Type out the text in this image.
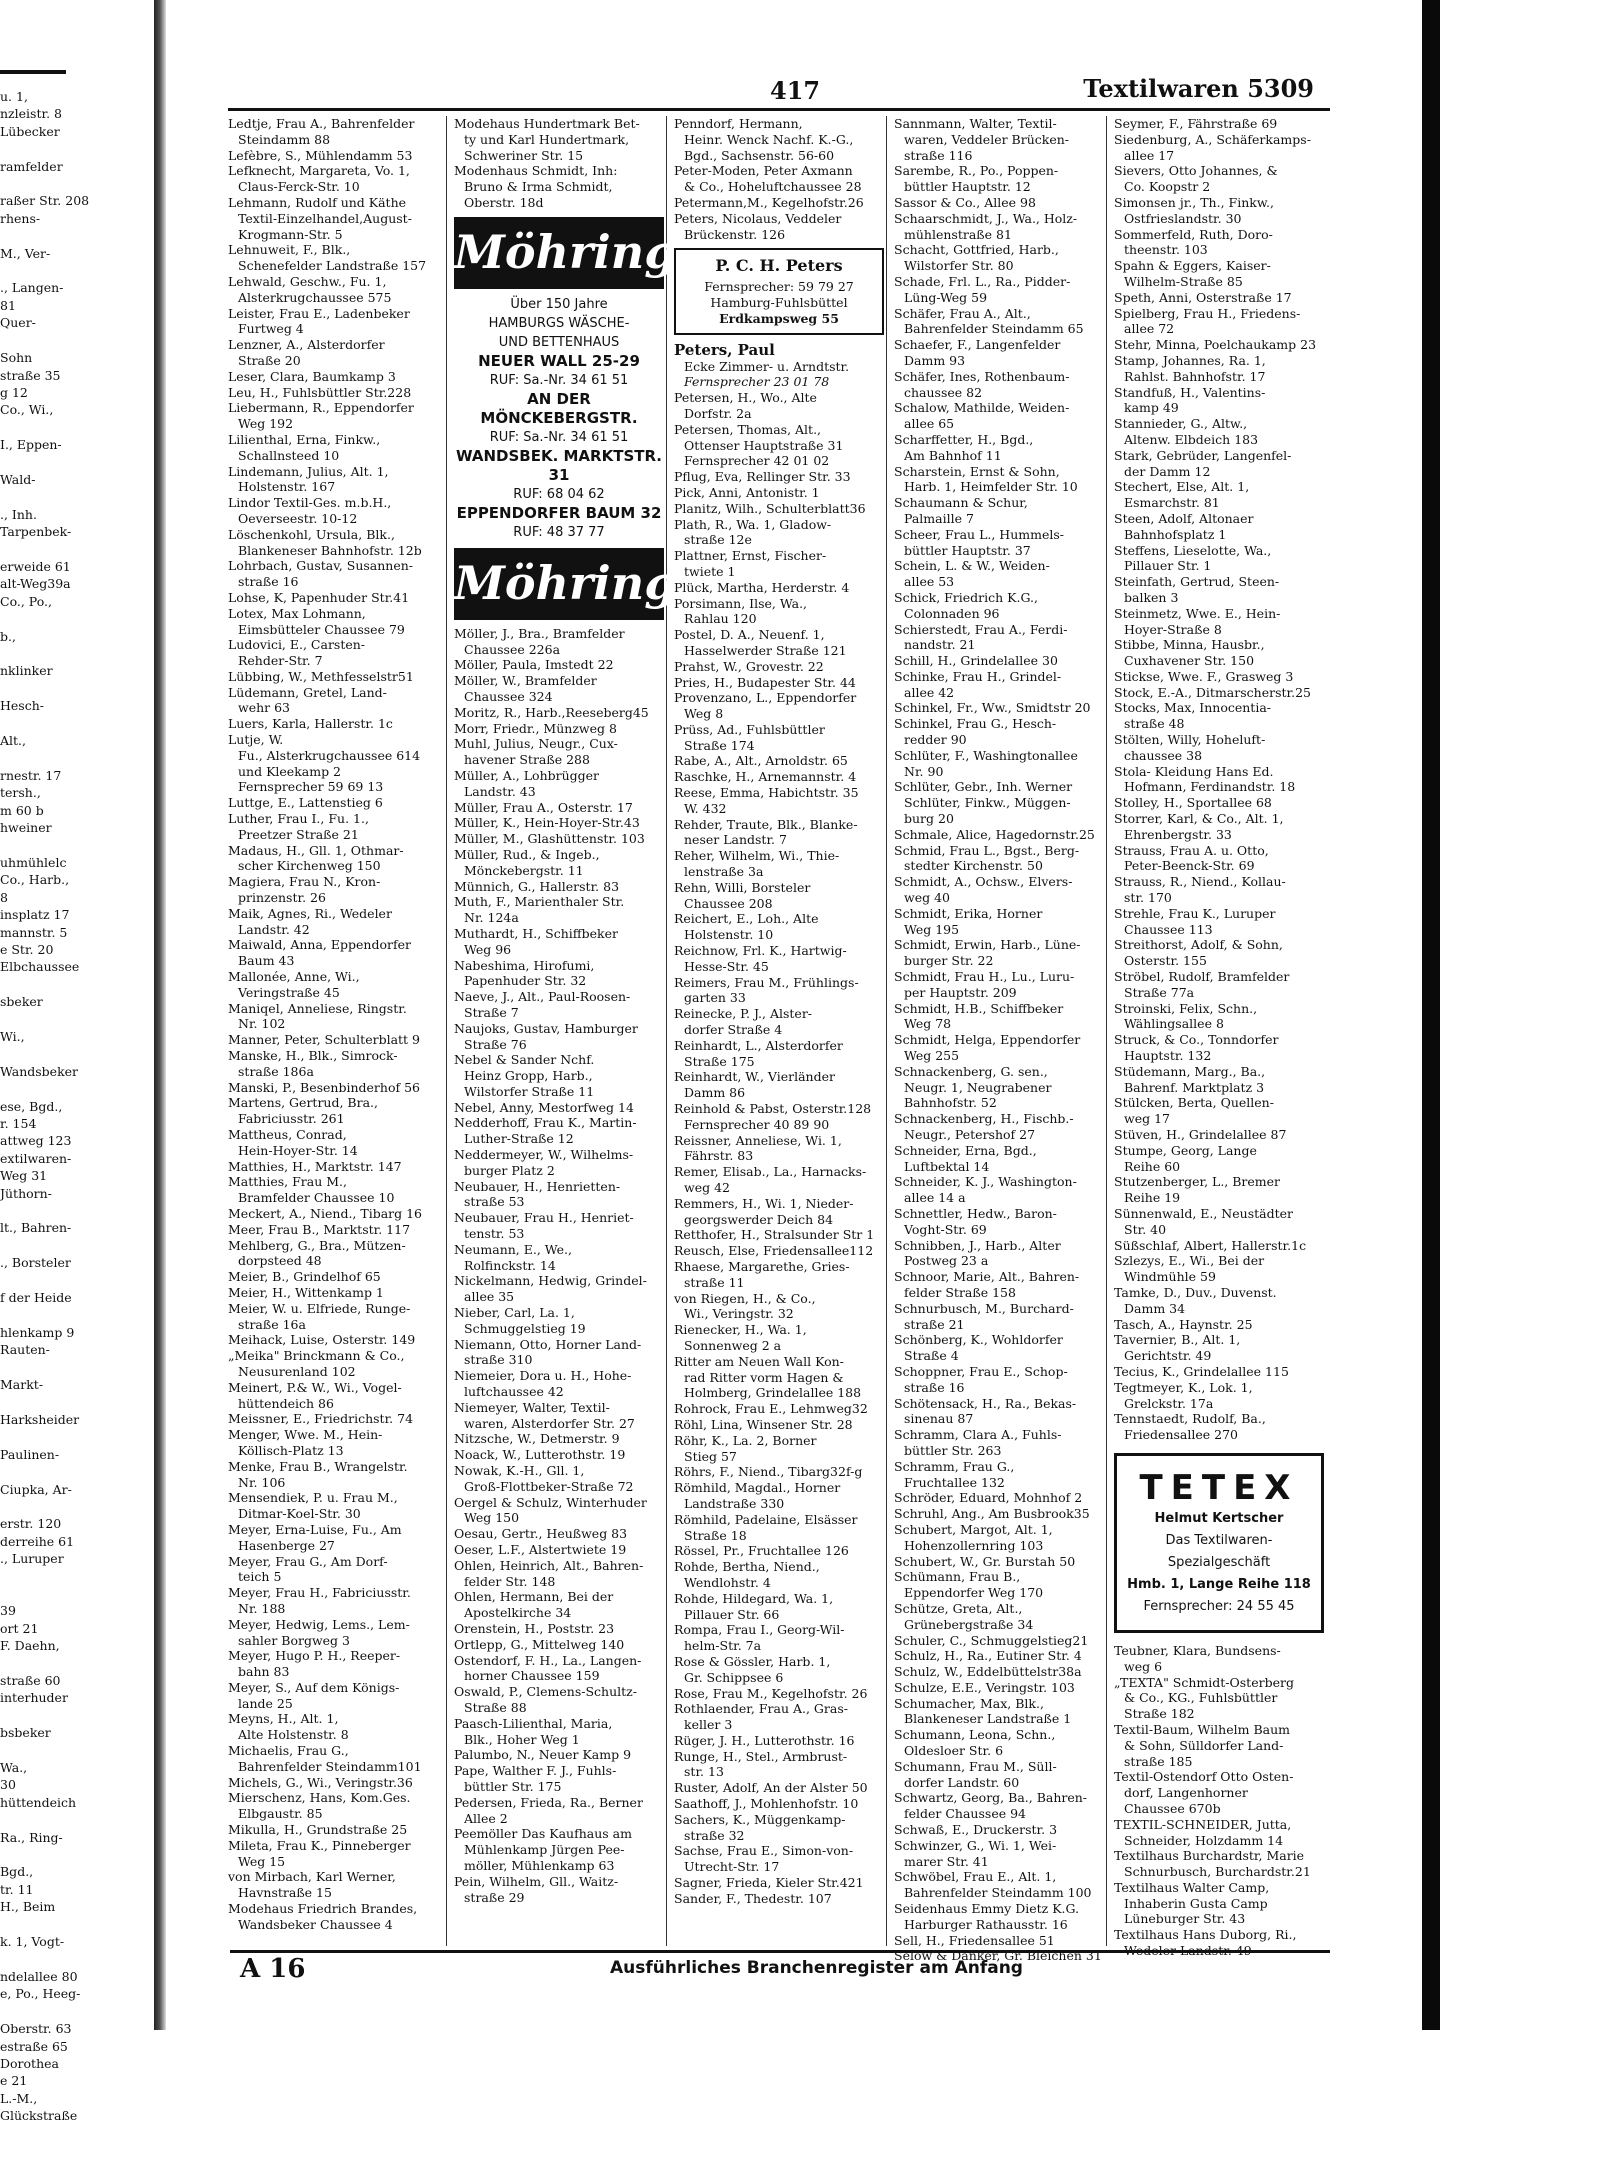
u. 1,
nzleistr. 8
Lübecker

ramfelder

raßer Str. 208
rhens-

M., Ver-

., Langen-
81
Quer-

Sohn
straße 35
g 12
Co., Wi.,

I., Eppen-

Wald-

., Inh.
Tarpenbek-

erweide 61
alt-Weg39a
Co., Po.,

b.,

nklinker

Hesch-

Alt.,

rnestr. 17
tersh.,
m 60 b
hweiner

uhmühlelc
Co., Harb.,
8
insplatz 17
mannstr. 5
e Str. 20
Elbchaussee

sbeker

Wi.,

Wandsbeker

ese, Bgd.,
r. 154
attweg 123
extilwaren-
Weg 31
Jüthorn-

lt., Bahren-

., Borsteler

f der Heide

hlenkamp 9
Rauten-

Markt-

Harksheider

Paulinen-

Ciupka, Ar-

erstr. 120
derreihe 61
., Luruper

39
ort 21
F. Daehn,

straße 60
interhuder

bsbeker

Wa.,
30
hüttendeich

Ra., Ring-

Bgd.,
tr. 11
H., Beim

k. 1, Vogt-

ndelallee 80
e, Po., Heeg-

Oberstr. 63
estraße 65
Dorothea
e 21
L.-M.,
Glückstraße
417	Textilwaren 5309
Ledtje, Frau A., Bahrenfelder
Steindamm 88
Lefèbre, S., Mühlendamm 53
Lefknecht, Margareta, Vo. 1,
Claus-Ferck-Str. 10
Lehmann, Rudolf und Käthe
Textil-Einzelhandel,August-
Krogmann-Str. 5
Lehnuweit, F., Blk.,
Schenefelder Landstraße 157
Lehwald, Geschw., Fu. 1,
Alsterkrugchaussee 575
Leister, Frau E., Ladenbeker
Furtweg 4
Lenzner, A., Alsterdorfer
Straße 20
Leser, Clara, Baumkamp 3
Leu, H., Fuhlsbüttler Str.228
Liebermann, R., Eppendorfer
Weg 192
Lilienthal, Erna, Finkw.,
Schallnsteed 10
Lindemann, Julius, Alt. 1,
Holstenstr. 167
Lindor Textil-Ges. m.b.H.,
Oeverseestr. 10-12
Löschenkohl, Ursula, Blk.,
Blankeneser Bahnhofstr. 12b
Lohrbach, Gustav, Susannen-
straße 16
Lohse, K, Papenhuder Str.41
Lotex, Max Lohmann,
Eimsbütteler Chaussee 79
Ludovici, E., Carsten-
Rehder-Str. 7
Lübbing, W., Methfesselstr51
Lüdemann, Gretel, Land-
wehr 63
Luers, Karla, Hallerstr. 1c
Lutje, W.
Fu., Alsterkrugchaussee 614
und Kleekamp 2
Fernsprecher 59 69 13
Luttge, E., Lattenstieg 6
Luther, Frau I., Fu. 1.,
Preetzer Straße 21
Madaus, H., Gll. 1, Othmar-
scher Kirchenweg 150
Magiera, Frau N., Kron-
prinzenstr. 26
Maik, Agnes, Ri., Wedeler
Landstr. 42
Maiwald, Anna, Eppendorfer
Baum 43
Mallonée, Anne, Wi.,
Veringstraße 45
Maniqel, Anneliese, Ringstr.
Nr. 102
Manner, Peter, Schulterblatt 9
Manske, H., Blk., Simrock-
straße 186a
Manski, P., Besenbinderhof 56
Martens, Gertrud, Bra.,
Fabriciusstr. 261
Mattheus, Conrad,
Hein-Hoyer-Str. 14
Matthies, H., Marktstr. 147
Matthies, Frau M.,
Bramfelder Chaussee 10
Meckert, A., Niend., Tibarg 16
Meer, Frau B., Marktstr. 117
Mehlberg, G., Bra., Mützen-
dorpsteed 48
Meier, B., Grindelhof 65
Meier, H., Wittenkamp 1
Meier, W. u. Elfriede, Runge-
straße 16a
Meihack, Luise, Osterstr. 149
„Meika" Brinckmann & Co.,
Neusurenland 102
Meinert, P.& W., Wi., Vogel-
hüttendeich 86
Meissner, E., Friedrichstr. 74
Menger, Wwe. M., Hein-
Köllisch-Platz 13
Menke, Frau B., Wrangelstr.
Nr. 106
Mensendiek, P. u. Frau M.,
Ditmar-Koel-Str. 30
Meyer, Erna-Luise, Fu., Am
Hasenberge 27
Meyer, Frau G., Am Dorf-
teich 5
Meyer, Frau H., Fabriciusstr.
Nr. 188
Meyer, Hedwig, Lems., Lem-
sahler Borgweg 3
Meyer, Hugo P. H., Reeper-
bahn 83
Meyer, S., Auf dem Königs-
lande 25
Meyns, H., Alt. 1,
Alte Holstenstr. 8
Michaelis, Frau G.,
Bahrenfelder Steindamm101
Michels, G., Wi., Veringstr.36
Mierschenz, Hans, Kom.Ges.
Elbgaustr. 85
Mikulla, H., Grundstraße 25
Mileta, Frau K., Pinneberger
Weg 15
von Mirbach, Karl Werner,
Havnstraße 15
Modehaus Friedrich Brandes,
Wandsbeker Chaussee 4
Modehaus Hundertmark Bet-
ty und Karl Hundertmark,
Schweriner Str. 15
Modenhaus Schmidt, Inh:
Bruno & Irma Schmidt,
Oberstr. 18d
Möhring
Über 150 Jahre
HAMBURGS WÄSCHE-
UND BETTENHAUS
NEUER WALL 25-29
RUF: Sa.-Nr. 34 61 51
AN DER MÖNCKEBERGSTR.
RUF: Sa.-Nr. 34 61 51
WANDSBEK. MARKTSTR. 31
RUF: 68 04 62
EPPENDORFER BAUM 32
RUF: 48 37 77
Möhring
Möller, J., Bra., Bramfelder
Chaussee 226a
Möller, Paula, Imstedt 22
Möller, W., Bramfelder
Chaussee 324
Moritz, R., Harb.,Reeseberg45
Morr, Friedr., Münzweg 8
Muhl, Julius, Neugr., Cux-
havener Straße 288
Müller, A., Lohbrügger
Landstr. 43
Müller, Frau A., Osterstr. 17
Müller, K., Hein-Hoyer-Str.43
Müller, M., Glashüttenstr. 103
Müller, Rud., & Ingeb.,
Mönckebergstr. 11
Münnich, G., Hallerstr. 83
Muth, F., Marienthaler Str.
Nr. 124a
Muthardt, H., Schiffbeker
Weg 96
Nabeshima, Hirofumi,
Papenhuder Str. 32
Naeve, J., Alt., Paul-Roosen-
Straße 7
Naujoks, Gustav, Hamburger
Straße 76
Nebel & Sander Nchf.
Heinz Gropp, Harb.,
Wilstorfer Straße 11
Nebel, Anny, Mestorfweg 14
Nedderhoff, Frau K., Martin-
Luther-Straße 12
Neddermeyer, W., Wilhelms-
burger Platz 2
Neubauer, H., Henrietten-
straße 53
Neubauer, Frau H., Henriet-
tenstr. 53
Neumann, E., We.,
Rolfinckstr. 14
Nickelmann, Hedwig, Grindel-
allee 35
Nieber, Carl, La. 1,
Schmuggelstieg 19
Niemann, Otto, Horner Land-
straße 310
Niemeier, Dora u. H., Hohe-
luftchaussee 42
Niemeyer, Walter, Textil-
waren, Alsterdorfer Str. 27
Nitzsche, W., Detmerstr. 9
Noack, W., Lutterothstr. 19
Nowak, K.-H., Gll. 1,
Groß-Flottbeker-Straße 72
Oergel & Schulz, Winterhuder
Weg 150
Oesau, Gertr., Heußweg 83
Oeser, L.F., Alstertwiete 19
Ohlen, Heinrich, Alt., Bahren-
felder Str. 148
Ohlen, Hermann, Bei der
Apostelkirche 34
Orenstein, H., Poststr. 23
Ortlepp, G., Mittelweg 140
Ostendorf, F. H., La., Langen-
horner Chaussee 159
Oswald, P., Clemens-Schultz-
Straße 88
Paasch-Lilienthal, Maria,
Blk., Hoher Weg 1
Palumbo, N., Neuer Kamp 9
Pape, Walther F. J., Fuhls-
büttler Str. 175
Pedersen, Frieda, Ra., Berner
Allee 2
Peemöller Das Kaufhaus am
Mühlenkamp Jürgen Pee-
möller, Mühlenkamp 63
Pein, Wilhelm, Gll., Waitz-
straße 29
Penndorf, Hermann,
Heinr. Wenck Nachf. K.-G.,
Bgd., Sachsenstr. 56-60
Peter-Moden, Peter Axmann
& Co., Hoheluftchaussee 28
Petermann,M., Kegelhofstr.26
Peters, Nicolaus, Veddeler
Brückenstr. 126
P. C. H. Peters
Fernsprecher: 59 79 27
Hamburg-Fuhlsbüttel
Erdkampsweg 55
Peters, Paul
Ecke Zimmer- u. Arndtstr.
Fernsprecher 23 01 78
Petersen, H., Wo., Alte
Dorfstr. 2a
Petersen, Thomas, Alt.,
Ottenser Hauptstraße 31
Fernsprecher 42 01 02
Pflug, Eva, Rellinger Str. 33
Pick, Anni, Antonistr. 1
Planitz, Wilh., Schulterblatt36
Plath, R., Wa. 1, Gladow-
straße 12e
Plattner, Ernst, Fischer-
twiete 1
Plück, Martha, Herderstr. 4
Porsimann, Ilse, Wa.,
Rahlau 120
Postel, D. A., Neuenf. 1,
Hasselwerder Straße 121
Prahst, W., Grovestr. 22
Pries, H., Budapester Str. 44
Provenzano, L., Eppendorfer
Weg 8
Prüss, Ad., Fuhlsbüttler
Straße 174
Rabe, A., Alt., Arnoldstr. 65
Raschke, H., Arnemannstr. 4
Reese, Emma, Habichtstr. 35
W. 432
Rehder, Traute, Blk., Blanke-
neser Landstr. 7
Reher, Wilhelm, Wi., Thie-
lenstraße 3a
Rehn, Willi, Borsteler
Chaussee 208
Reichert, E., Loh., Alte
Holstenstr. 10
Reichnow, Frl. K., Hartwig-
Hesse-Str. 45
Reimers, Frau M., Frühlings-
garten 33
Reinecke, P. J., Alster-
dorfer Straße 4
Reinhardt, L., Alsterdorfer
Straße 175
Reinhardt, W., Vierländer
Damm 86
Reinhold & Pabst, Osterstr.128
Fernsprecher 40 89 90
Reissner, Anneliese, Wi. 1,
Fährstr. 83
Remer, Elisab., La., Harnacks-
weg 42
Remmers, H., Wi. 1, Nieder-
georgswerder Deich 84
Retthofer, H., Stralsunder Str 1
Reusch, Else, Friedensallee112
Rhaese, Margarethe, Gries-
straße 11
von Riegen, H., & Co.,
Wi., Veringstr. 32
Rienecker, H., Wa. 1,
Sonnenweg 2 a
Ritter am Neuen Wall Kon-
rad Ritter vorm Hagen &
Holmberg, Grindelallee 188
Rohrock, Frau E., Lehmweg32
Röhl, Lina, Winsener Str. 28
Röhr, K., La. 2, Borner
Stieg 57
Röhrs, F., Niend., Tibarg32f-g
Römhild, Magdal., Horner
Landstraße 330
Römhild, Padelaine, Elsässer
Straße 18
Rössel, Pr., Fruchtallee 126
Rohde, Bertha, Niend.,
Wendlohstr. 4
Rohde, Hildegard, Wa. 1,
Pillauer Str. 66
Rompa, Frau I., Georg-Wil-
helm-Str. 7a
Rose & Gössler, Harb. 1,
Gr. Schippsee 6
Rose, Frau M., Kegelhofstr. 26
Rothlaender, Frau A., Gras-
keller 3
Rüger, J. H., Lutterothstr. 16
Runge, H., Stel., Armbrust-
str. 13
Ruster, Adolf, An der Alster 50
Saathoff, J., Mohlenhofstr. 10
Sachers, K., Müggenkamp-
straße 32
Sachse, Frau E., Simon-von-
Utrecht-Str. 17
Sagner, Frieda, Kieler Str.421
Sander, F., Thedestr. 107
Sannmann, Walter, Textil-
waren, Veddeler Brücken-
straße 116
Sarembe, R., Po., Poppen-
büttler Hauptstr. 12
Sassor & Co., Allee 98
Schaarschmidt, J., Wa., Holz-
mühlenstraße 81
Schacht, Gottfried, Harb.,
Wilstorfer Str. 80
Schade, Frl. L., Ra., Pidder-
Lüng-Weg 59
Schäfer, Frau A., Alt.,
Bahrenfelder Steindamm 65
Schaefer, F., Langenfelder
Damm 93
Schäfer, Ines, Rothenbaum-
chaussee 82
Schalow, Mathilde, Weiden-
allee 65
Scharffetter, H., Bgd.,
Am Bahnhof 11
Scharstein, Ernst & Sohn,
Harb. 1, Heimfelder Str. 10
Schaumann & Schur,
Palmaille 7
Scheer, Frau L., Hummels-
büttler Hauptstr. 37
Schein, L. & W., Weiden-
allee 53
Schick, Friedrich K.G.,
Colonnaden 96
Schierstedt, Frau A., Ferdi-
nandstr. 21
Schill, H., Grindelallee 30
Schinke, Frau H., Grindel-
allee 42
Schinkel, Fr., Ww., Smidtstr 20
Schinkel, Frau G., Hesch-
redder 90
Schlüter, F., Washingtonallee
Nr. 90
Schlüter, Gebr., Inh. Werner
Schlüter, Finkw., Müggen-
burg 20
Schmale, Alice, Hagedornstr.25
Schmid, Frau L., Bgst., Berg-
stedter Kirchenstr. 50
Schmidt, A., Ochsw., Elvers-
weg 40
Schmidt, Erika, Horner
Weg 195
Schmidt, Erwin, Harb., Lüne-
burger Str. 22
Schmidt, Frau H., Lu., Luru-
per Hauptstr. 209
Schmidt, H.B., Schiffbeker
Weg 78
Schmidt, Helga, Eppendorfer
Weg 255
Schnackenberg, G. sen.,
Neugr. 1, Neugrabener
Bahnhofstr. 52
Schnackenberg, H., Fischb.-
Neugr., Petershof 27
Schneider, Erna, Bgd.,
Luftbektal 14
Schneider, K. J., Washington-
allee 14 a
Schnettler, Hedw., Baron-
Voght-Str. 69
Schnibben, J., Harb., Alter
Postweg 23 a
Schnoor, Marie, Alt., Bahren-
felder Straße 158
Schnurbusch, M., Burchard-
straße 21
Schönberg, K., Wohldorfer
Straße 4
Schoppner, Frau E., Schop-
straße 16
Schötensack, H., Ra., Bekas-
sinenau 87
Schramm, Clara A., Fuhls-
büttler Str. 263
Schramm, Frau G.,
Fruchtallee 132
Schröder, Eduard, Mohnhof 2
Schruhl, Ang., Am Busbrook35
Schubert, Margot, Alt. 1,
Hohenzollernring 103
Schubert, W., Gr. Burstah 50
Schümann, Frau B.,
Eppendorfer Weg 170
Schütze, Greta, Alt.,
Grünebergstraße 34
Schuler, C., Schmuggelstieg21
Schulz, H., Ra., Eutiner Str. 4
Schulz, W., Eddelbüttelstr38a
Schulze, E.E., Veringstr. 103
Schumacher, Max, Blk.,
Blankeneser Landstraße 1
Schumann, Leona, Schn.,
Oldesloer Str. 6
Schumann, Frau M., Süll-
dorfer Landstr. 60
Schwartz, Georg, Ba., Bahren-
felder Chaussee 94
Schwaß, E., Druckerstr. 3
Schwinzer, G., Wi. 1, Wei-
marer Str. 41
Schwöbel, Frau E., Alt. 1,
Bahrenfelder Steindamm 100
Seidenhaus Emmy Dietz K.G.
Harburger Rathausstr. 16
Sell, H., Friedensallee 51
Selow & Danker, Gr. Bleichen 31
Seymer, F., Fährstraße 69
Siedenburg, A., Schäferkamps-
allee 17
Sievers, Otto Johannes, &
Co. Koopstr 2
Simonsen jr., Th., Finkw.,
Ostfrieslandstr. 30
Sommerfeld, Ruth, Doro-
theenstr. 103
Spahn & Eggers, Kaiser-
Wilhelm-Straße 85
Speth, Anni, Osterstraße 17
Spielberg, Frau H., Friedens-
allee 72
Stehr, Minna, Poelchaukamp 23
Stamp, Johannes, Ra. 1,
Rahlst. Bahnhofstr. 17
Standfuß, H., Valentins-
kamp 49
Stannieder, G., Altw.,
Altenw. Elbdeich 183
Stark, Gebrüder, Langenfel-
der Damm 12
Stechert, Else, Alt. 1,
Esmarchstr. 81
Steen, Adolf, Altonaer
Bahnhofsplatz 1
Steffens, Lieselotte, Wa.,
Pillauer Str. 1
Steinfath, Gertrud, Steen-
balken 3
Steinmetz, Wwe. E., Hein-
Hoyer-Straße 8
Stibbe, Minna, Hausbr.,
Cuxhavener Str. 150
Stickse, Wwe. F., Grasweg 3
Stock, E.-A., Ditmarscherstr.25
Stocks, Max, Innocentia-
straße 48
Stölten, Willy, Hoheluft-
chaussee 38
Stola- Kleidung Hans Ed.
Hofmann, Ferdinandstr. 18
Stolley, H., Sportallee 68
Storrer, Karl, & Co., Alt. 1,
Ehrenbergstr. 33
Strauss, Frau A. u. Otto,
Peter-Beenck-Str. 69
Strauss, R., Niend., Kollau-
str. 170
Strehle, Frau K., Luruper
Chaussee 113
Streithorst, Adolf, & Sohn,
Osterstr. 155
Ströbel, Rudolf, Bramfelder
Straße 77a
Stroinski, Felix, Schn.,
Wählingsallee 8
Struck, & Co., Tonndorfer
Hauptstr. 132
Stüdemann, Marg., Ba.,
Bahrenf. Marktplatz 3
Stülcken, Berta, Quellen-
weg 17
Stüven, H., Grindelallee 87
Stumpe, Georg, Lange
Reihe 60
Stutzenberger, L., Bremer
Reihe 19
Sünnenwald, E., Neustädter
Str. 40
Süßschlaf, Albert, Hallerstr.1c
Szlezys, E., Wi., Bei der
Windmühle 59
Tamke, D., Duv., Duvenst.
Damm 34
Tasch, A., Haynstr. 25
Tavernier, B., Alt. 1,
Gerichtstr. 49
Tecius, K., Grindelallee 115
Tegtmeyer, K., Lok. 1,
Grelckstr. 17a
Tennstaedt, Rudolf, Ba.,
Friedensallee 270
TETEX
Helmut Kertscher
Das Textilwaren-
Spezialgeschäft
Hmb. 1, Lange Reihe 118
Fernsprecher: 24 55 45
Teubner, Klara, Bundsens-
weg 6
„TEXTA" Schmidt-Osterberg
& Co., KG., Fuhlsbüttler
Straße 182
Textil-Baum, Wilhelm Baum
& Sohn, Sülldorfer Land-
straße 185
Textil-Ostendorf Otto Osten-
dorf, Langenhorner
Chaussee 670b
TEXTIL-SCHNEIDER, Jutta,
Schneider, Holzdamm 14
Textilhaus Burchardstr, Marie
Schnurbusch, Burchardstr.21
Textilhaus Walter Camp,
Inhaberin Gusta Camp
Lüneburger Str. 43
Textilhaus Hans Duborg, Ri.,
Wedeler Landstr. 49
A 16	Ausführliches Branchenregister am Anfang
